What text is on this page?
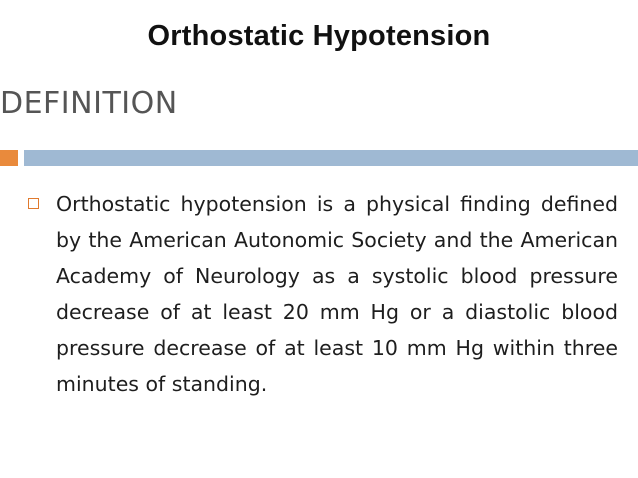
Orthostatic Hypotension
DEFINITION
Orthostatic hypotension is a physical finding defined by the American Autonomic Society and the American Academy of Neurology as a systolic blood pressure decrease of at least 20 mm Hg or a diastolic blood pressure decrease of at least 10 mm Hg within three minutes of standing.
